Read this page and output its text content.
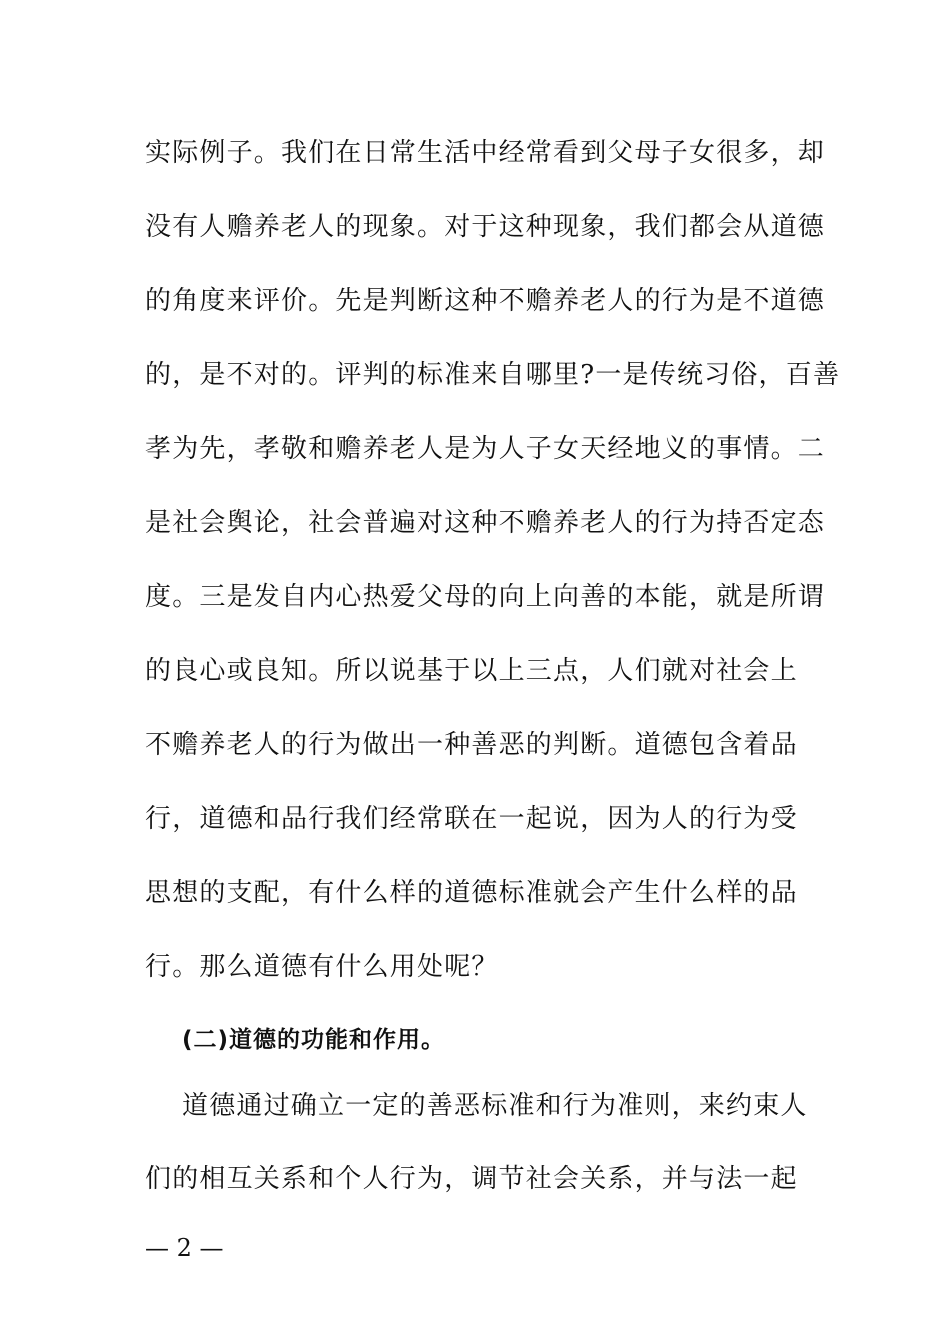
实际例子。我们在日常生活中经常看到父母子女很多，却
没有人赡养老人的现象。对于这种现象，我们都会从道德
的角度来评价。先是判断这种不赡养老人的行为是不道德
的，是不对的。评判的标准来自哪里?一是传统习俗，百善
孝为先，孝敬和赡养老人是为人子女天经地义的事情。二
是社会舆论，社会普遍对这种不赡养老人的行为持否定态
度。三是发自内心热爱父母的向上向善的本能，就是所谓
的良心或良知。所以说基于以上三点，人们就对社会上
不赡养老人的行为做出一种善恶的判断。道德包含着品
行，道德和品行我们经常联在一起说，因为人的行为受
思想的支配，有什么样的道德标准就会产生什么样的品
行。那么道德有什么用处呢？
(二)道德的功能和作用。
道德通过确立一定的善恶标准和行为准则，来约束人
们的相互关系和个人行为，调节社会关系，并与法一起
— 2 —
